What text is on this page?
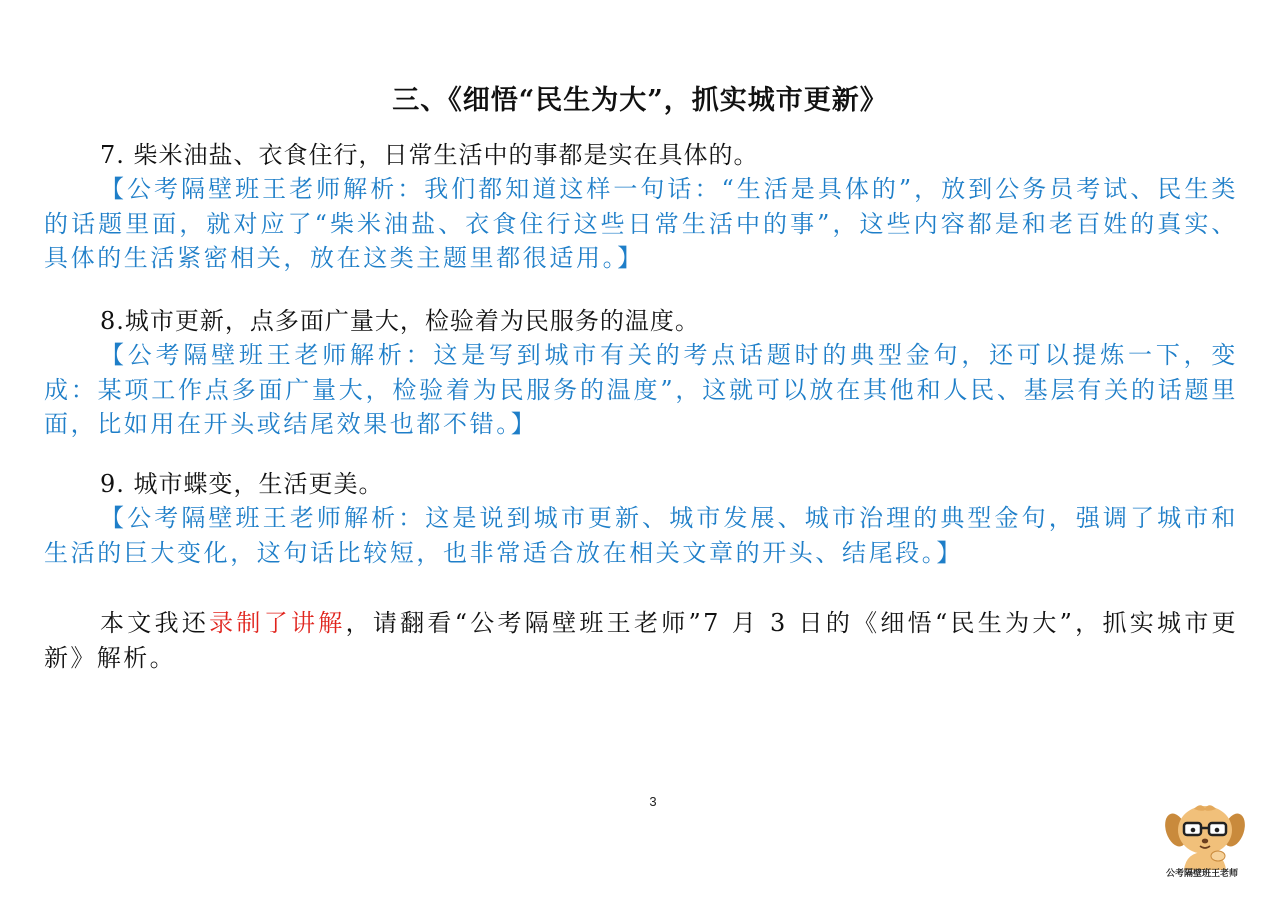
三、《细悟“民生为大”，抓实城市更新》
7. 柴米油盐、衣食住行，日常生活中的事都是实在具体的。
【公考隔壁班王老师解析：我们都知道这样一句话：“生活是具体的”，放到公务员考试、民生类的话题里面，就对应了“柴米油盐、衣食住行这些日常生活中的事”，这些内容都是和老百姓的真实、具体的生活紧密相关，放在这类主题里都很适用。】
8.城市更新，点多面广量大，检验着为民服务的温度。
【公考隔壁班王老师解析：这是写到城市有关的考点话题时的典型金句，还可以提炼一下，变成：某项工作点多面广量大，检验着为民服务的温度”，这就可以放在其他和人民、基层有关的话题里面，比如用在开头或结尾效果也都不错。】
9. 城市蝶变，生活更美。
【公考隔壁班王老师解析：这是说到城市更新、城市发展、城市治理的典型金句，强调了城市和生活的巨大变化，这句话比较短，也非常适合放在相关文章的开头、结尾段。】
本文我还录制了讲解，请翻看“公考隔壁班王老师”7 月 3 日的《细悟“民生为大”，抓实城市更新》解析。
3
公考隔壁班王老师
